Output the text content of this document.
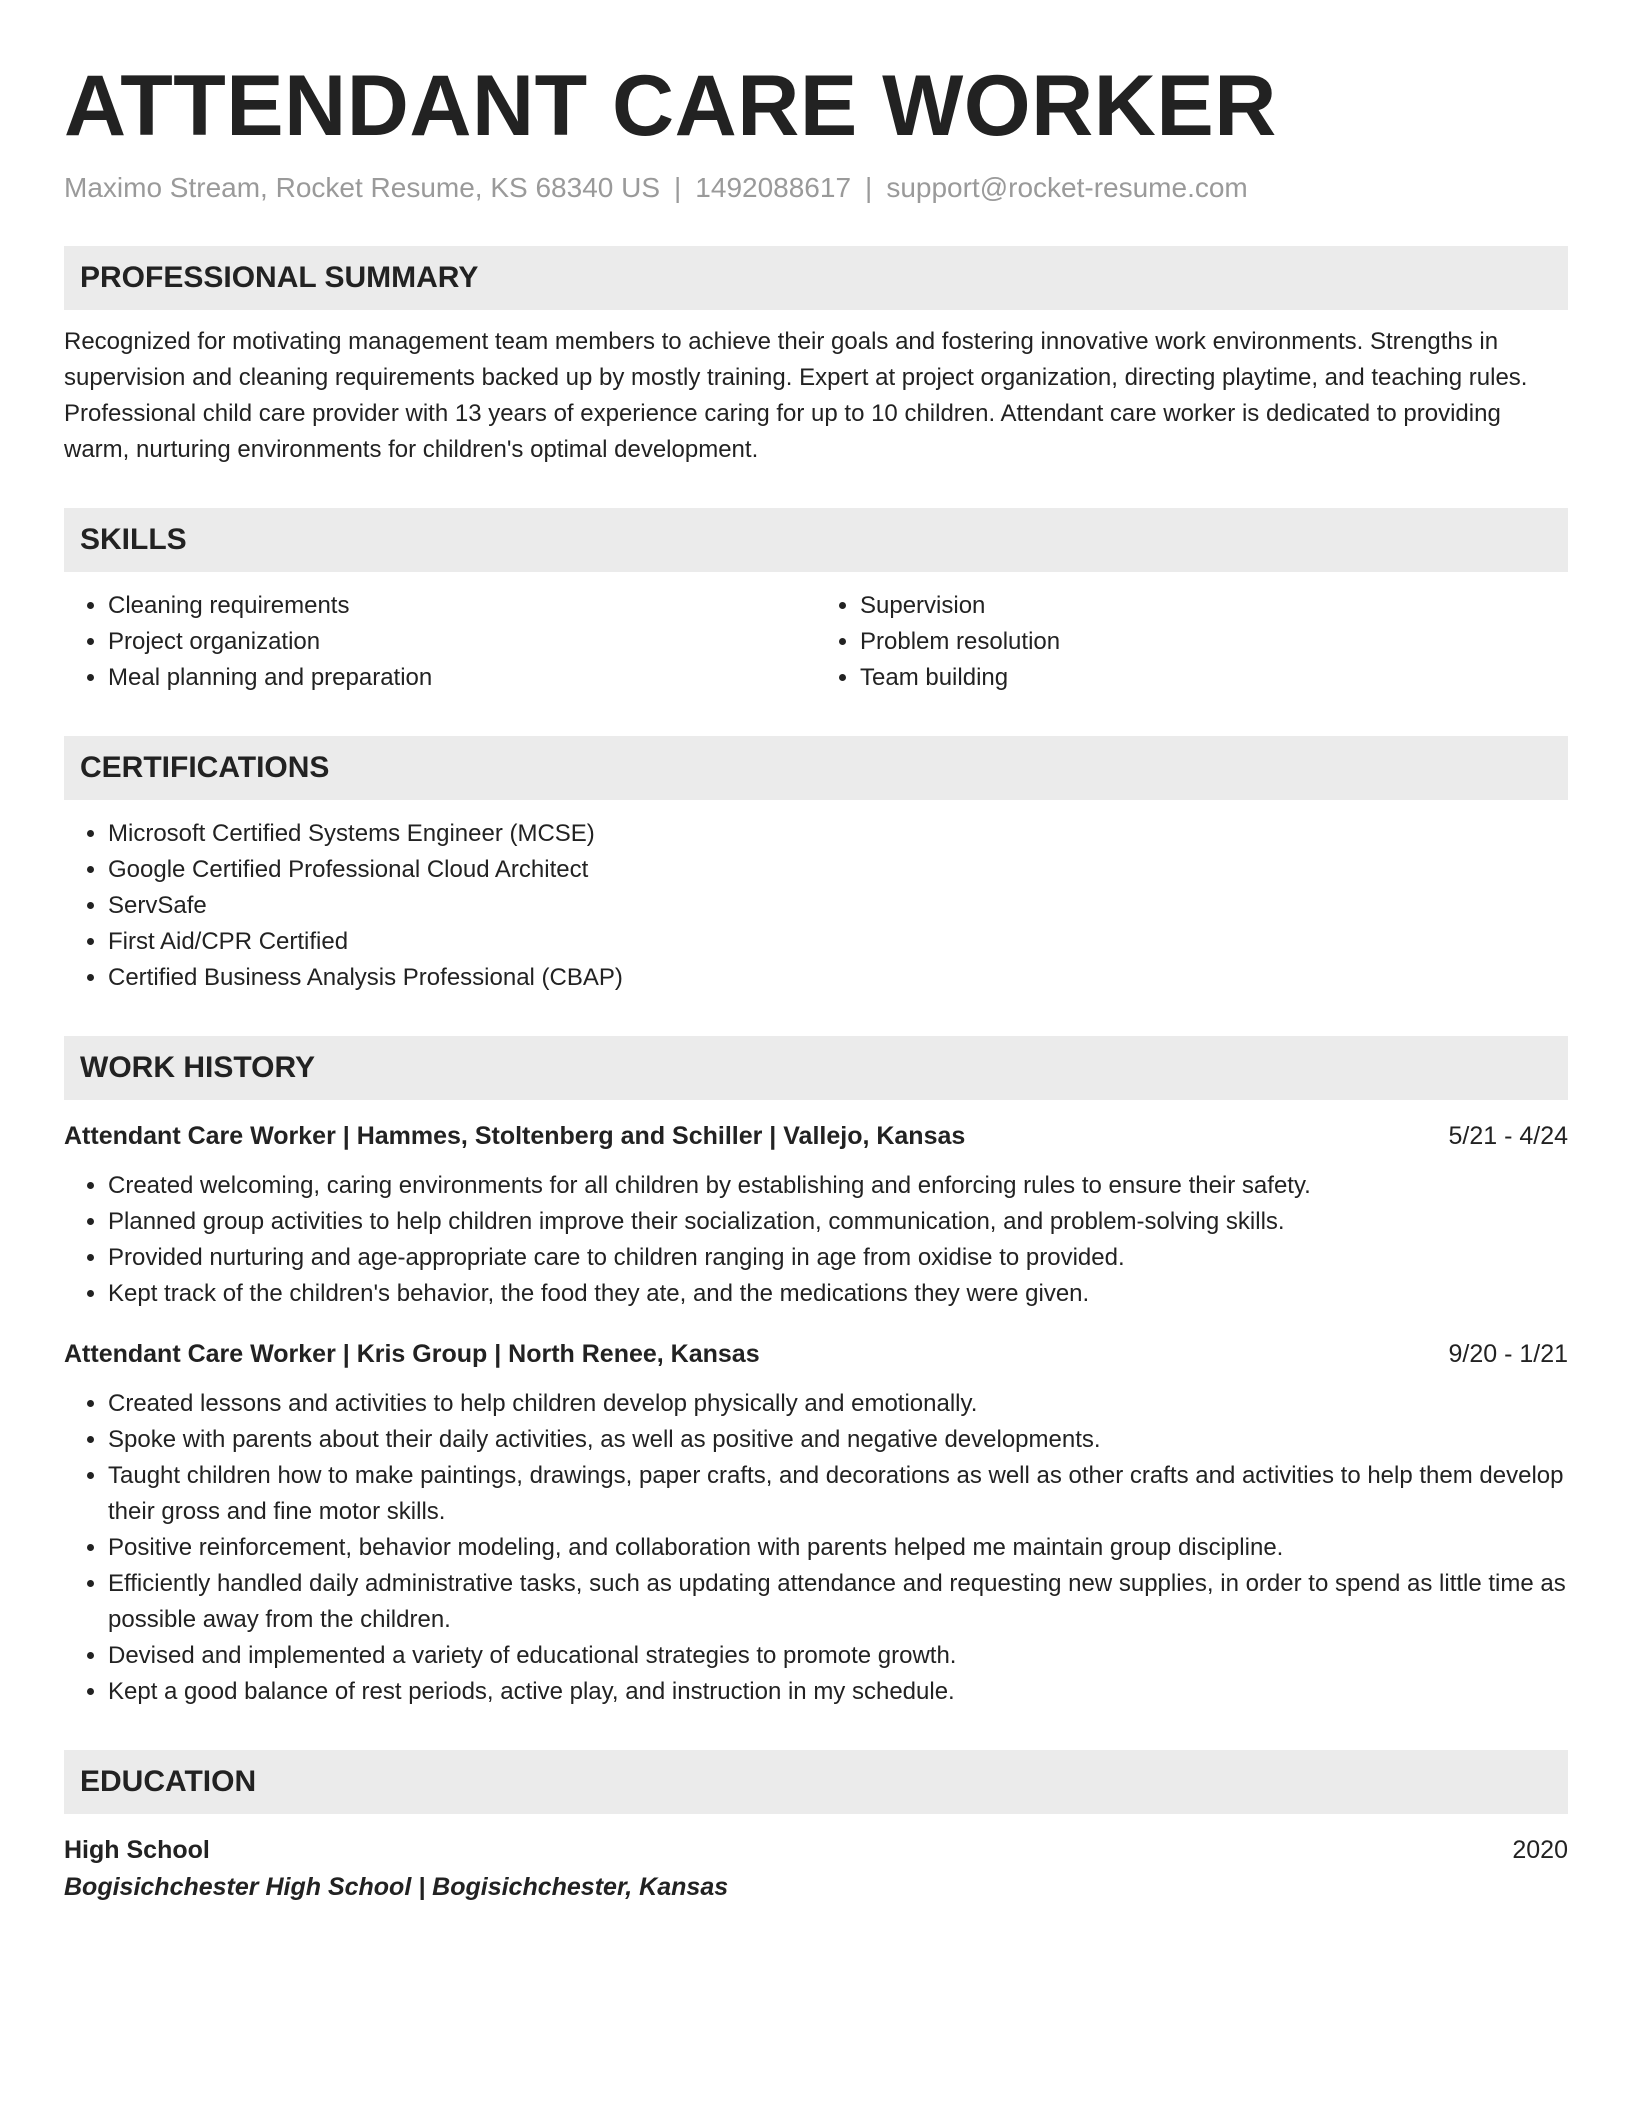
ATTENDANT CARE WORKER
Maximo Stream, Rocket Resume, KS 68340 US | 1492088617 | support@rocket-resume.com
PROFESSIONAL SUMMARY
Recognized for motivating management team members to achieve their goals and fostering innovative work environments. Strengths in supervision and cleaning requirements backed up by mostly training. Expert at project organization, directing playtime, and teaching rules. Professional child care provider with 13 years of experience caring for up to 10 children. Attendant care worker is dedicated to providing warm, nurturing environments for children's optimal development.
SKILLS
• Cleaning requirements
• Project organization
• Meal planning and preparation
• Supervision
• Problem resolution
• Team building
CERTIFICATIONS
• Microsoft Certified Systems Engineer (MCSE)
• Google Certified Professional Cloud Architect
• ServSafe
• First Aid/CPR Certified
• Certified Business Analysis Professional (CBAP)
WORK HISTORY
Attendant Care Worker | Hammes, Stoltenberg and Schiller | Vallejo, Kansas	5/21 - 4/24
• Created welcoming, caring environments for all children by establishing and enforcing rules to ensure their safety.
• Planned group activities to help children improve their socialization, communication, and problem-solving skills.
• Provided nurturing and age-appropriate care to children ranging in age from oxidise to provided.
• Kept track of the children's behavior, the food they ate, and the medications they were given.
Attendant Care Worker | Kris Group | North Renee, Kansas	9/20 - 1/21
• Created lessons and activities to help children develop physically and emotionally.
• Spoke with parents about their daily activities, as well as positive and negative developments.
• Taught children how to make paintings, drawings, paper crafts, and decorations as well as other crafts and activities to help them develop their gross and fine motor skills.
• Positive reinforcement, behavior modeling, and collaboration with parents helped me maintain group discipline.
• Efficiently handled daily administrative tasks, such as updating attendance and requesting new supplies, in order to spend as little time as possible away from the children.
• Devised and implemented a variety of educational strategies to promote growth.
• Kept a good balance of rest periods, active play, and instruction in my schedule.
EDUCATION
High School	2020
Bogisichchester High School | Bogisichchester, Kansas
